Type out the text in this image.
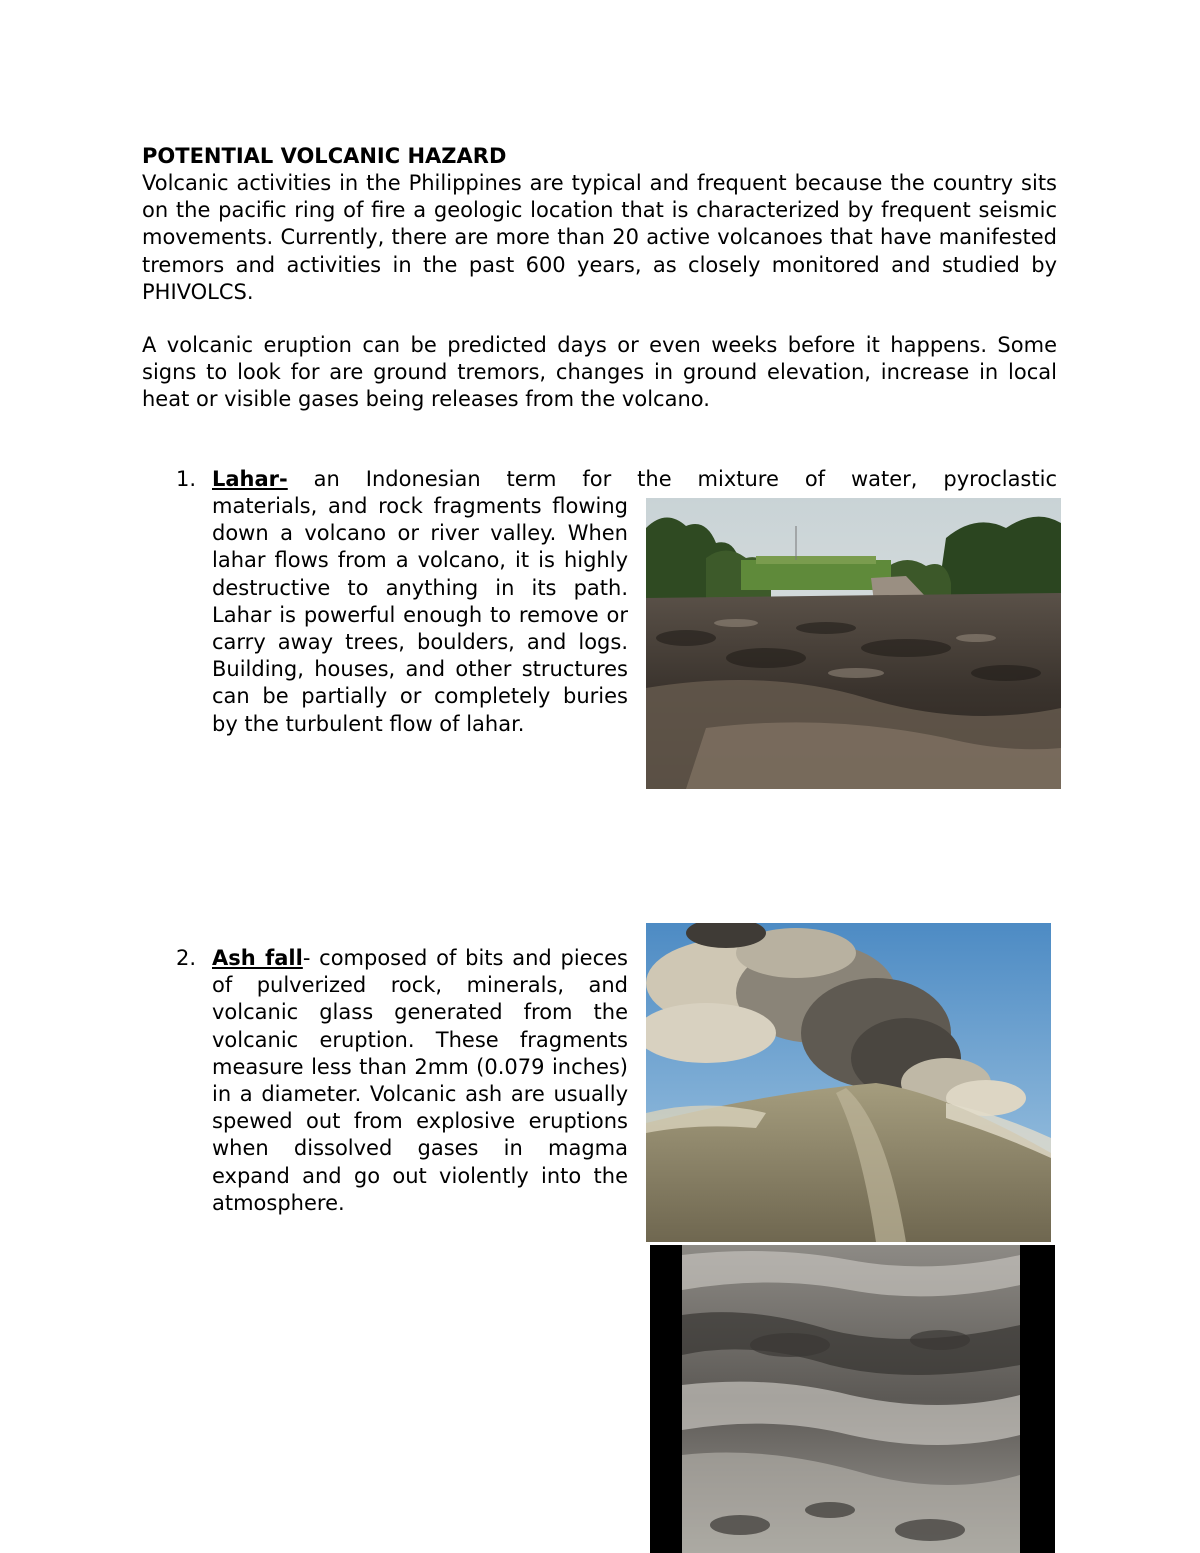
POTENTIAL VOLCANIC HAZARD

Volcanic activities in the Philippines are typical and frequent because the country sits on the pacific ring of fire a geologic location that is characterized by frequent seismic movements. Currently, there are more than 20 active volcanoes that have manifested tremors and activities in the past 600 years, as closely monitored and studied by PHIVOLCS.

A volcanic eruption can be predicted days or even weeks before it happens. Some signs to look for are ground tremors, changes in ground elevation, increase in local heat or visible gases being releases from the volcano.

1. Lahar- an Indonesian term for the mixture of water, pyroclastic

materials, and rock fragments flowing down a volcano or river valley. When lahar flows from a volcano, it is highly destructive to anything in its path. Lahar is powerful enough to remove or carry away trees, boulders, and logs. Building, houses, and other structures can be partially or completely buries by the turbulent flow of lahar.

2. Ash fall- composed of bits and pieces of pulverized rock, minerals, and volcanic glass generated from the volcanic eruption. These fragments measure less than 2mm (0.079 inches) in a diameter. Volcanic ash are usually spewed out from explosive eruptions when dissolved gases in magma expand and go out violently into the atmosphere.
